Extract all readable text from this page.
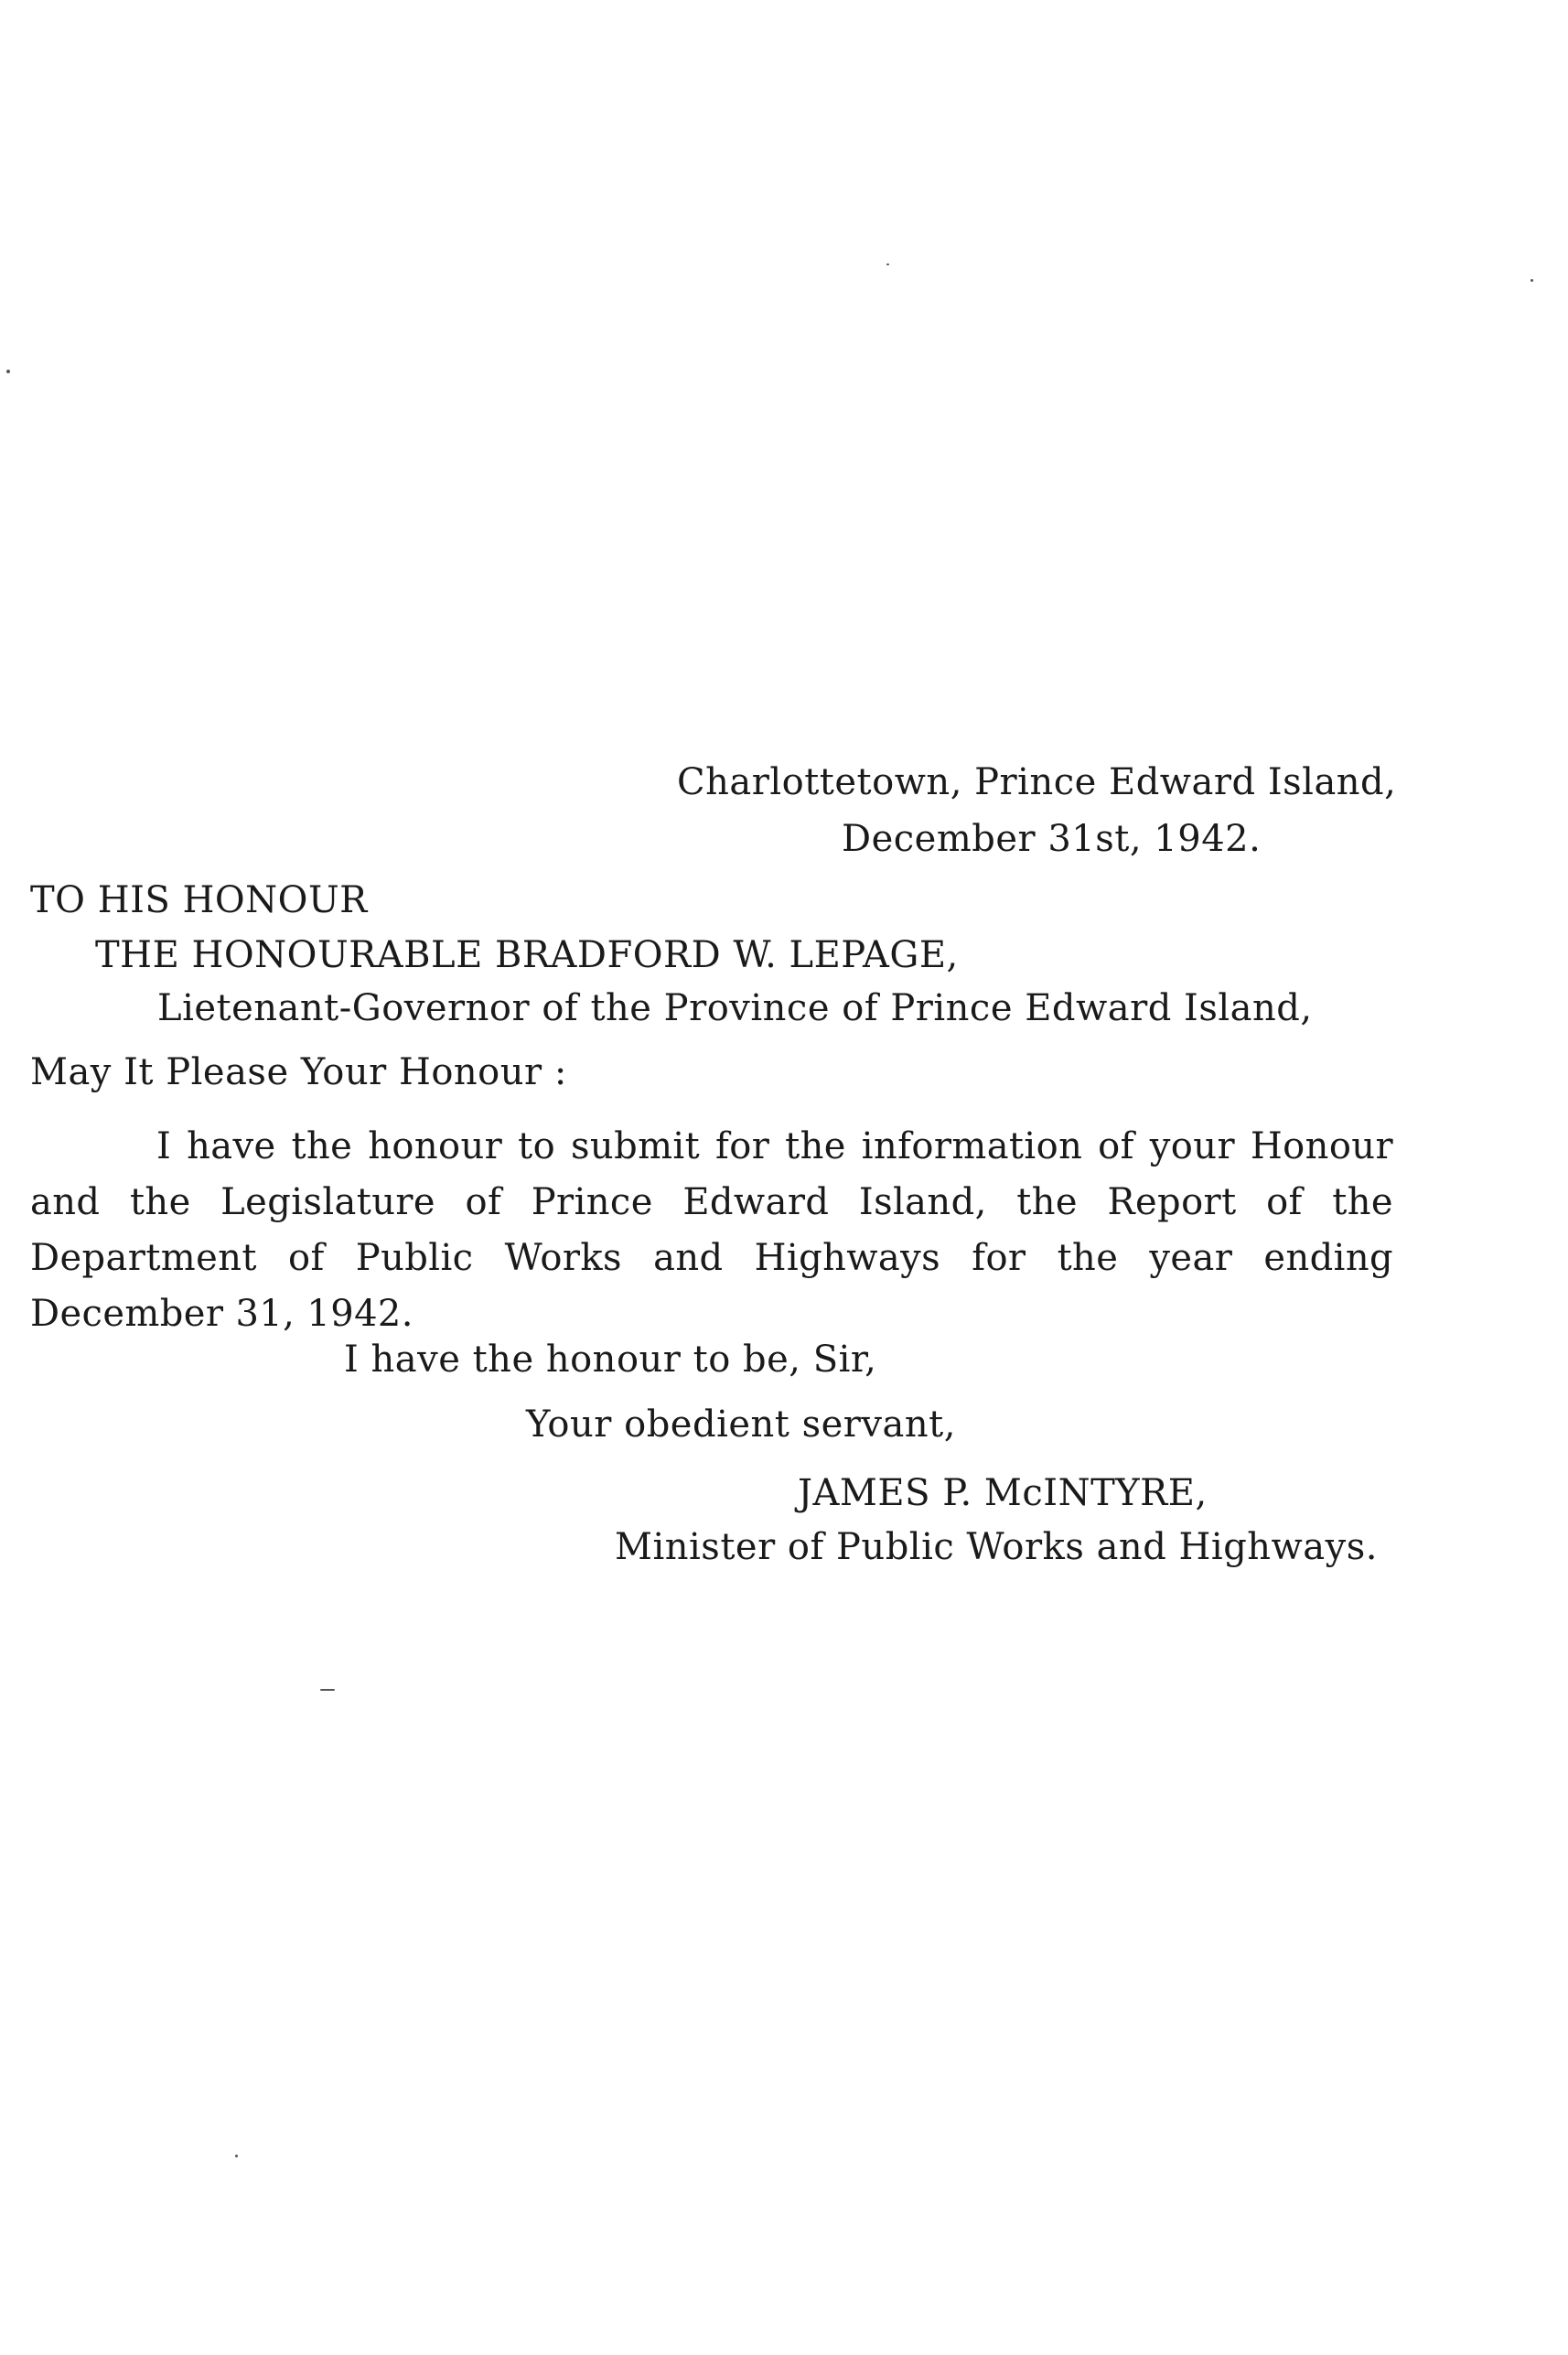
Charlottetown, Prince Edward Island,
December 31st, 1942.
TO HIS HONOUR
THE HONOURABLE BRADFORD W. LEPAGE,
Lietenant-Governor of the Province of Prince Edward Island,
May It Please Your Honour :
I have the honour to submit for the information of your Honour and the Legislature of Prince Edward Island, the Report of the Department of Public Works and Highways for the year ending December 31, 1942.
I have the honour to be, Sir,
Your obedient servant,
JAMES P. McINTYRE,
Minister of Public Works and Highways.
